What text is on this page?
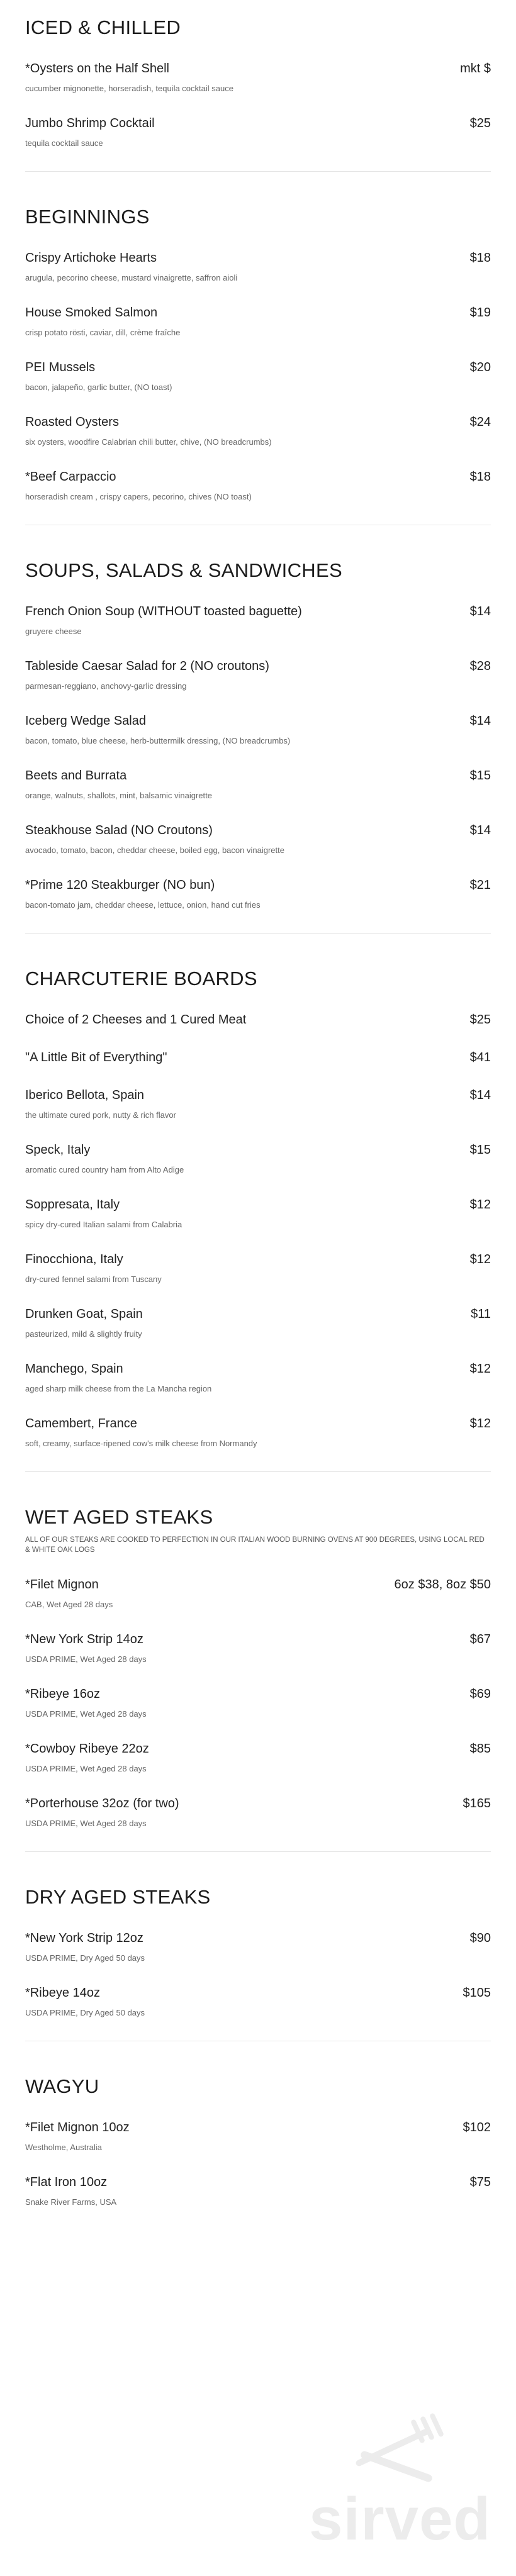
ICED & CHILLED
*Oysters on the Half Shell	mkt $
cucumber mignonette, horseradish, tequila cocktail sauce
Jumbo Shrimp Cocktail	$25
tequila cocktail sauce
BEGINNINGS
Crispy Artichoke Hearts	$18
arugula, pecorino cheese, mustard vinaigrette, saffron aioli
House Smoked Salmon	$19
crisp potato rösti, caviar, dill, crème fraîche
PEI Mussels	$20
bacon, jalapeño, garlic butter, (NO toast)
Roasted Oysters	$24
six oysters, woodfire Calabrian chili butter, chive, (NO breadcrumbs)
*Beef Carpaccio	$18
horseradish cream , crispy capers, pecorino, chives (NO toast)
SOUPS, SALADS & SANDWICHES
French Onion Soup (WITHOUT toasted baguette)	$14
gruyere cheese
Tableside Caesar Salad for 2 (NO croutons)	$28
parmesan-reggiano, anchovy-garlic dressing
Iceberg Wedge Salad	$14
bacon, tomato, blue cheese, herb-buttermilk dressing, (NO breadcrumbs)
Beets and Burrata	$15
orange, walnuts, shallots, mint, balsamic vinaigrette
Steakhouse Salad (NO Croutons)	$14
avocado, tomato, bacon, cheddar cheese, boiled egg, bacon vinaigrette
*Prime 120 Steakburger (NO bun)	$21
bacon-tomato jam, cheddar cheese, lettuce, onion, hand cut fries
CHARCUTERIE BOARDS
Choice of 2 Cheeses and 1 Cured Meat	$25
"A Little Bit of Everything"	$41
Iberico Bellota, Spain	$14
the ultimate cured pork, nutty & rich flavor
Speck, Italy	$15
aromatic cured country ham from Alto Adige
Soppresata, Italy	$12
spicy dry-cured Italian salami from Calabria
Finocchiona, Italy	$12
dry-cured fennel salami from Tuscany
Drunken Goat, Spain	$11
pasteurized, mild & slightly fruity
Manchego, Spain	$12
aged sharp milk cheese from the La Mancha region
Camembert, France	$12
soft, creamy, surface-ripened cow's milk cheese from Normandy
WET AGED STEAKS
ALL OF OUR STEAKS ARE COOKED TO PERFECTION IN OUR ITALIAN WOOD BURNING OVENS AT 900 DEGREES, USING LOCAL RED & WHITE OAK LOGS
*Filet Mignon	6oz $38, 8oz $50
CAB, Wet Aged 28 days
*New York Strip 14oz	$67
USDA PRIME, Wet Aged 28 days
*Ribeye 16oz	$69
USDA PRIME, Wet Aged 28 days
*Cowboy Ribeye 22oz	$85
USDA PRIME, Wet Aged 28 days
*Porterhouse 32oz (for two)	$165
USDA PRIME, Wet Aged 28 days
DRY AGED STEAKS
*New York Strip 12oz	$90
USDA PRIME, Dry Aged 50 days
*Ribeye 14oz	$105
USDA PRIME, Dry Aged 50 days
WAGYU
*Filet Mignon 10oz	$102
Westholme, Australia
*Flat Iron 10oz	$75
Snake River Farms, USA
sirved
